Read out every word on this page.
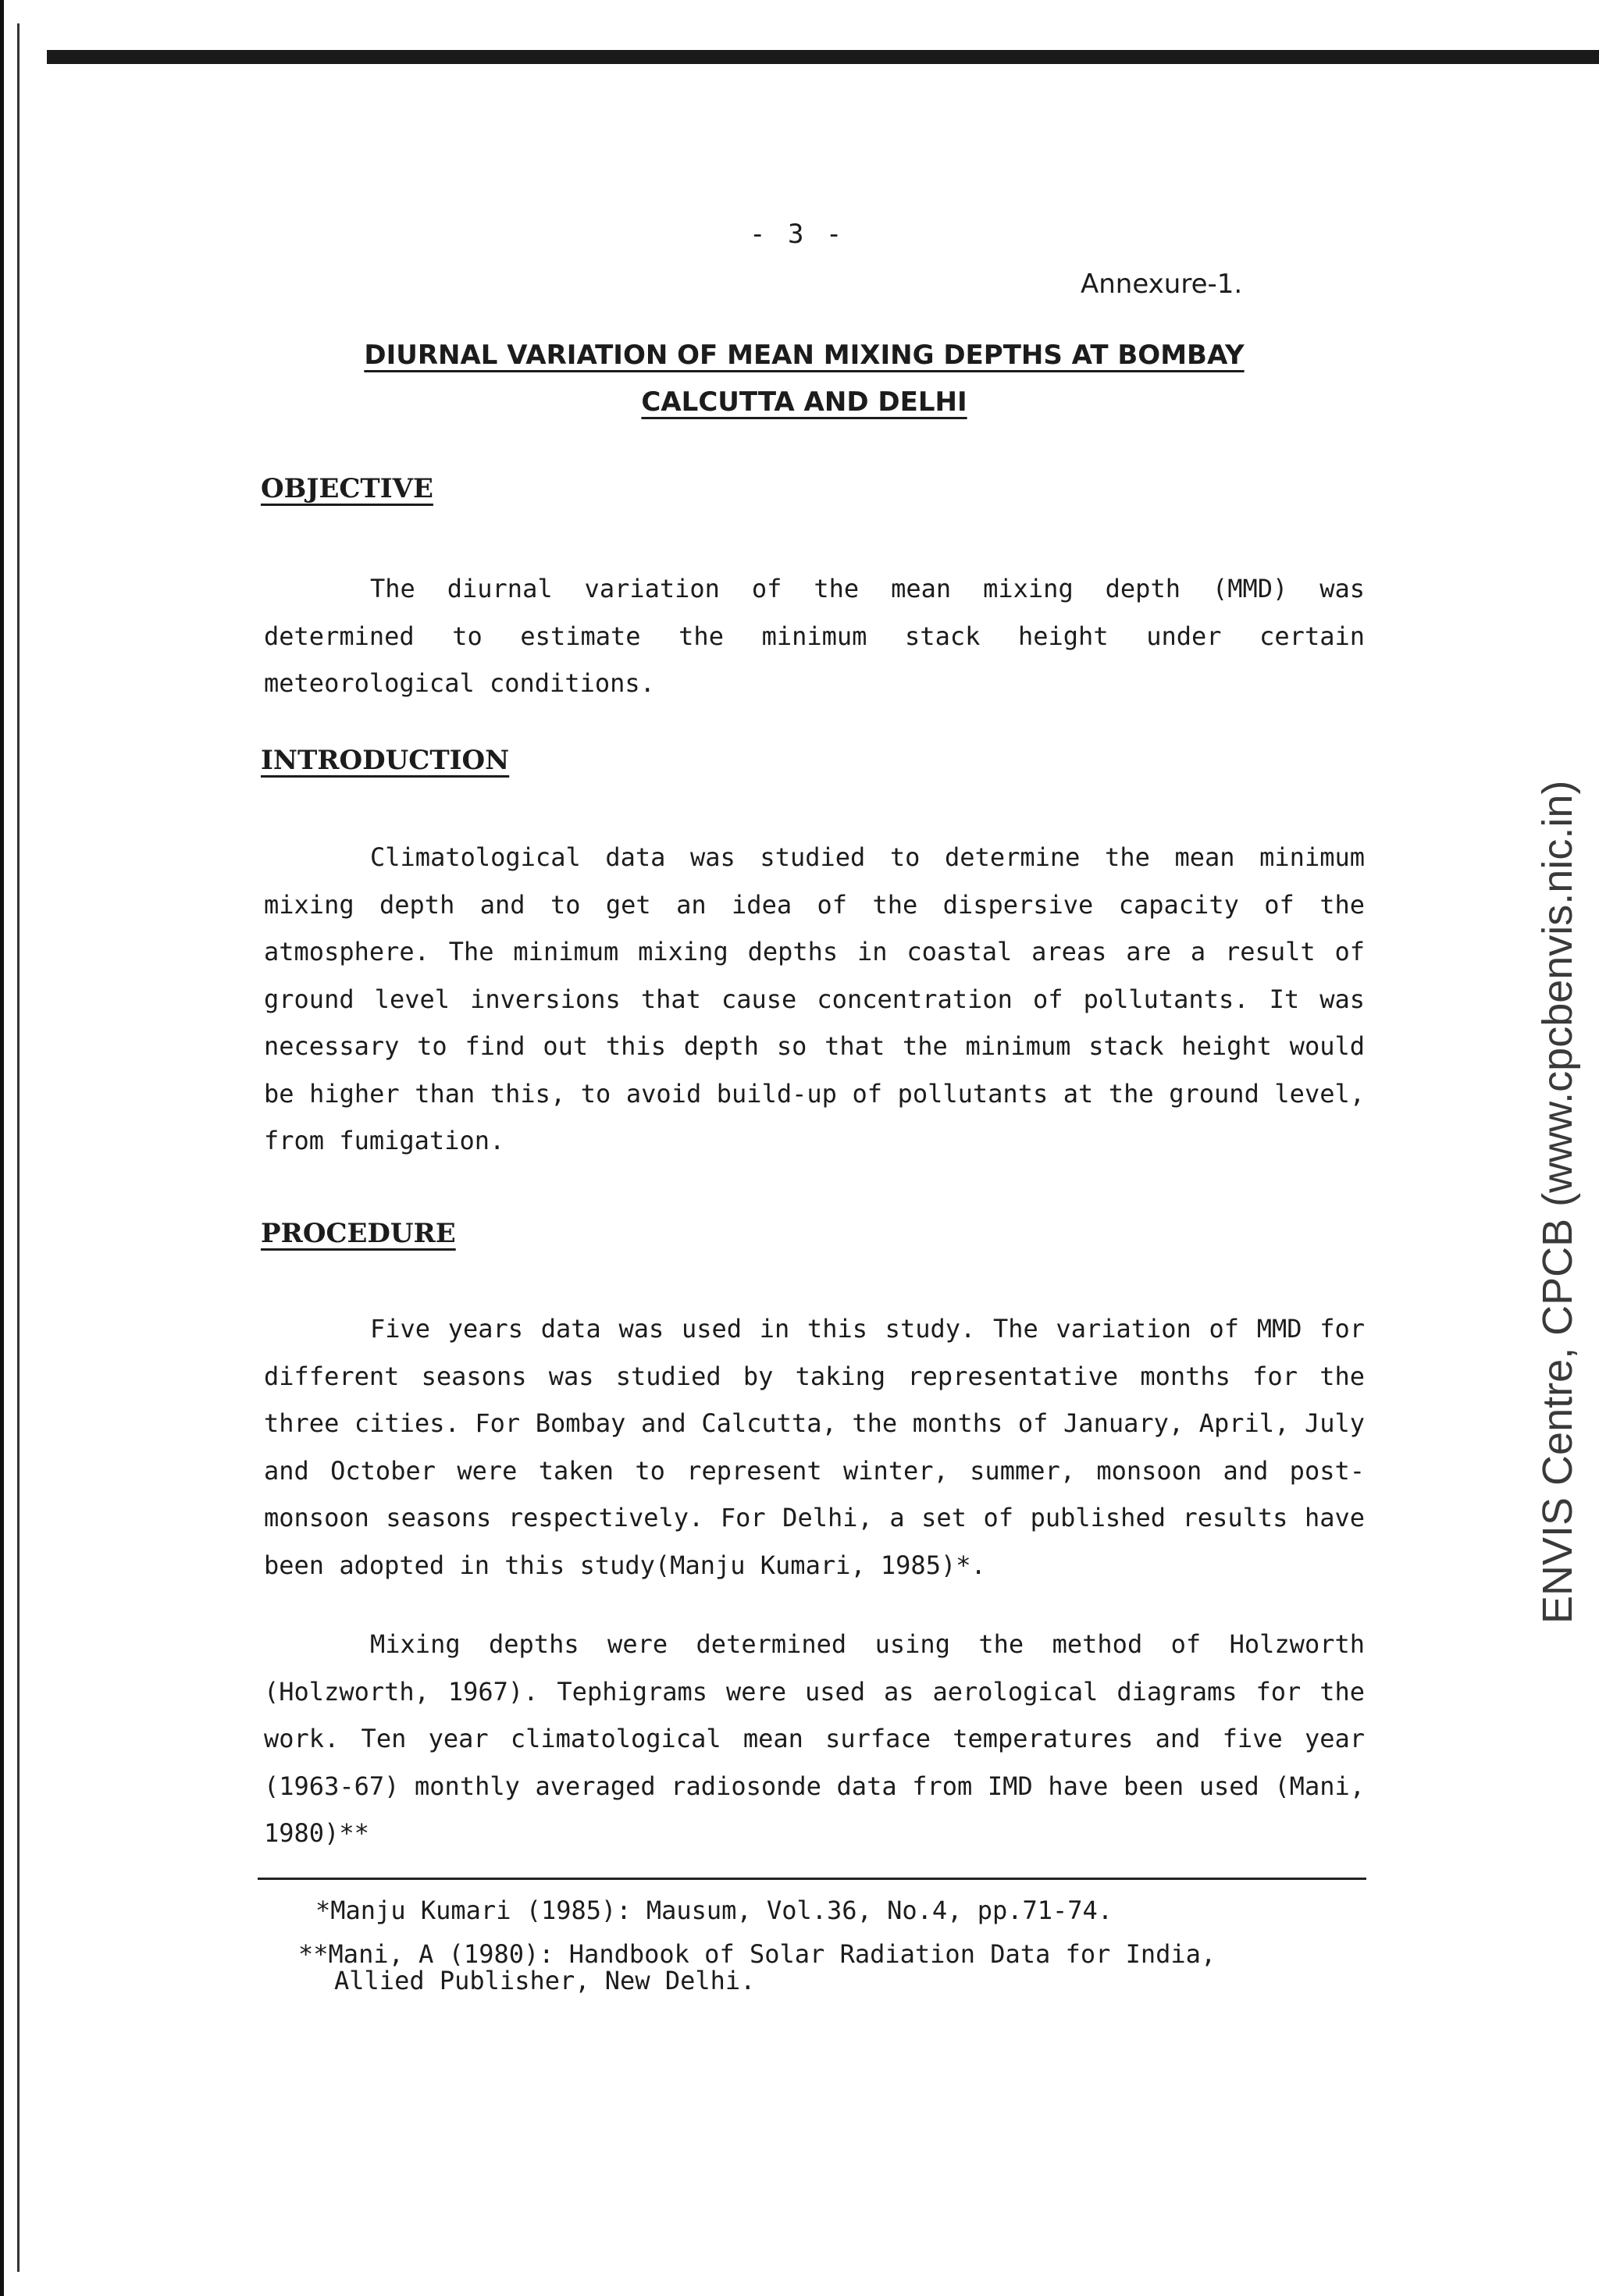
- 3 -
Annexure-1.
DIURNAL VARIATION OF MEAN MIXING DEPTHS AT BOMBAY CALCUTTA AND DELHI
OBJECTIVE
The diurnal variation of the mean mixing depth (MMD) was determined to estimate the minimum stack height under certain meteorological conditions.
INTRODUCTION
Climatological data was studied to determine the mean minimum mixing depth and to get an idea of the dispersive capacity of the atmosphere. The minimum mixing depths in coastal areas are a result of ground level inversions that cause concentration of pollutants. It was necessary to find out this depth so that the minimum stack height would be higher than this, to avoid build-up of pollutants at the ground level, from fumigation.
PROCEDURE
Five years data was used in this study. The variation of MMD for different seasons was studied by taking representative months for the three cities. For Bombay and Calcutta, the months of January, April, July and October were taken to represent winter, summer, monsoon and post-monsoon seasons respectively. For Delhi, a set of published results have been adopted in this study(Manju Kumari, 1985)*.
Mixing depths were determined using the method of Holzworth (Holzworth, 1967). Tephigrams were used as aerological diagrams for the work. Ten year climatological mean surface temperatures and five year (1963-67) monthly averaged radiosonde data from IMD have been used (Mani, 1980)**
*Manju Kumari (1985): Mausum, Vol.36, No.4, pp.71-74.
**Mani, A (1980): Handbook of Solar Radiation Data for India,
Allied Publisher, New Delhi.
ENVIS Centre, CPCB (www.cpcbenvis.nic.in)
